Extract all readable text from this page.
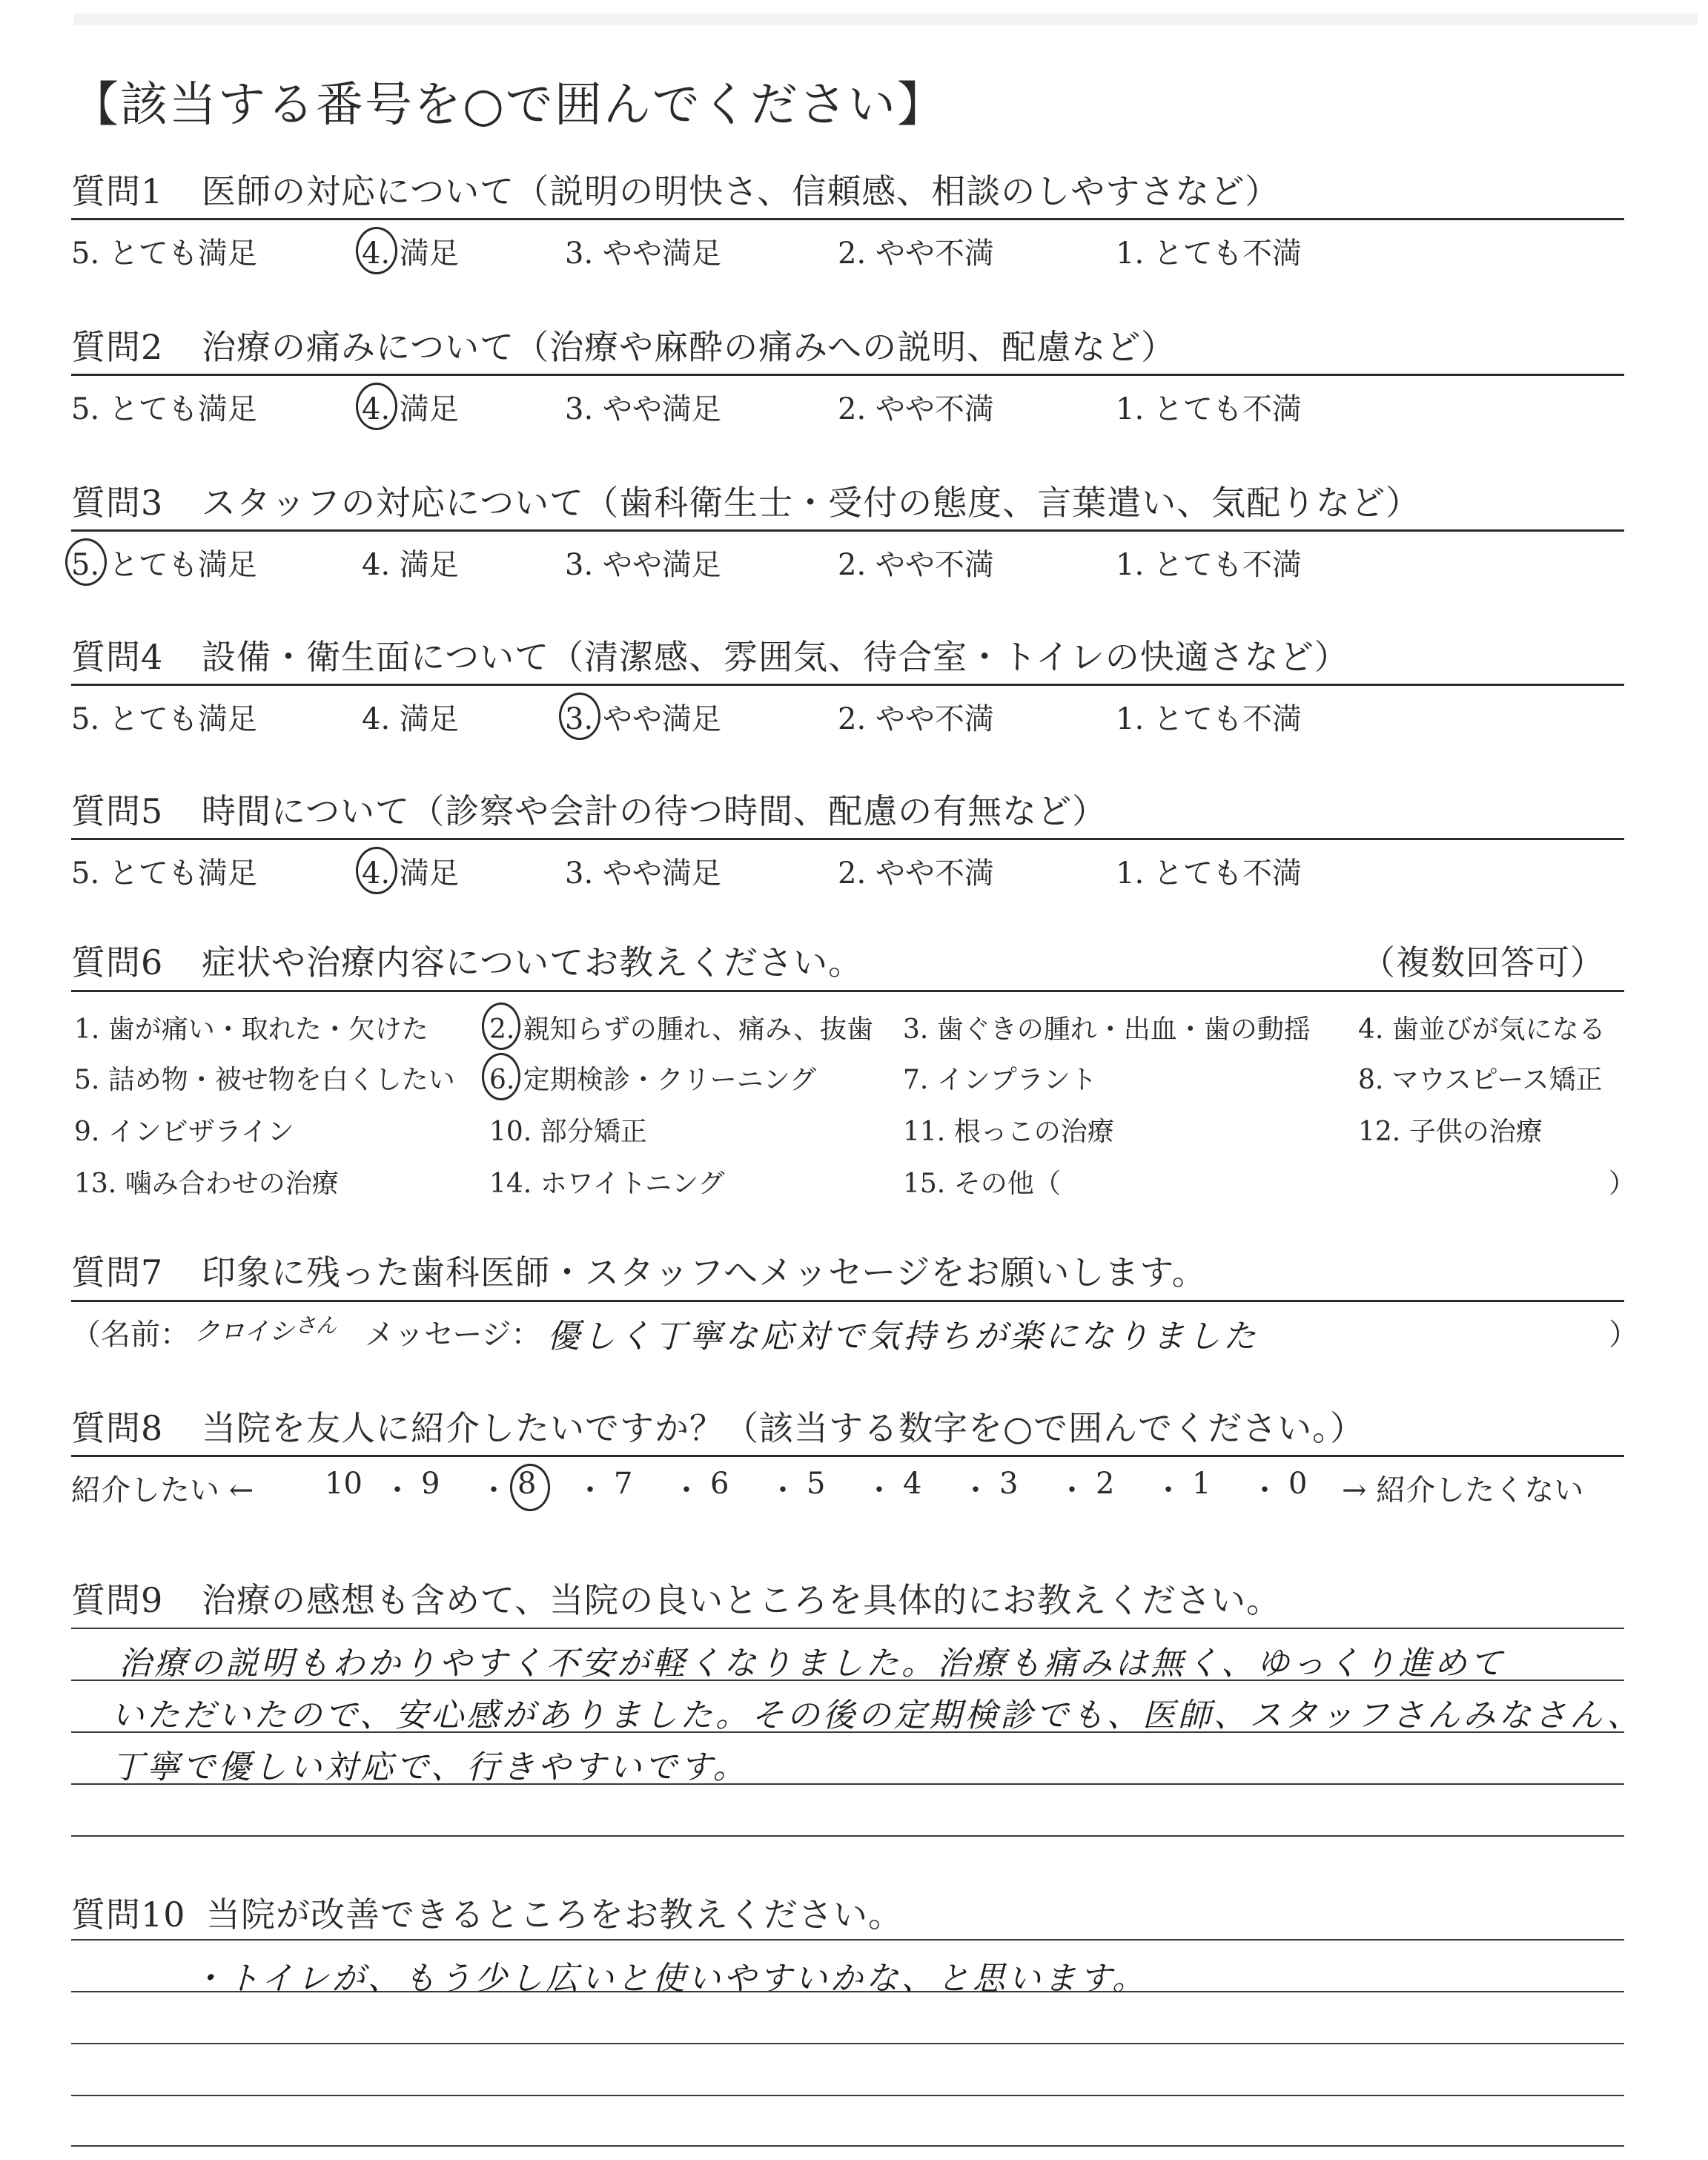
【該当する番号を○で囲んでください】
質問1 医師の対応について（説明の明快さ、信頼感、相談のしやすさなど）
5. とても満足	4. 満足	3. やや満足	2. やや不満	1. とても不満
質問2 治療の痛みについて（治療や麻酔の痛みへの説明、配慮など）
5. とても満足	4. 満足	3. やや満足	2. やや不満	1. とても不満
質問3 スタッフの対応について（歯科衛生士・受付の態度、言葉遣い、気配りなど）
5. とても満足	4. 満足	3. やや満足	2. やや不満	1. とても不満
質問4 設備・衛生面について（清潔感、雰囲気、待合室・トイレの快適さなど）
5. とても満足	4. 満足	3. やや満足	2. やや不満	1. とても不満
質問5 時間について（診察や会計の待つ時間、配慮の有無など）
5. とても満足	4. 満足	3. やや満足	2. やや不満	1. とても不満
質問6 症状や治療内容についてお教えください。	（複数回答可）
1. 歯が痛い・取れた・欠けた 2. 親知らずの腫れ、痛み、抜歯 3. 歯ぐきの腫れ・出血・歯の動揺 4. 歯並びが気になる
5. 詰め物・被せ物を白くしたい 6. 定期検診・クリーニング	7. インプラント	8. マウスピース矯正
9. インビザライン	10. 部分矯正	11. 根っこの治療	12. 子供の治療
13. 噛み合わせの治療	14. ホワイトニング	15. その他（	）
質問7 印象に残った歯科医師・スタッフへメッセージをお願いします。
（名前： クロイシ さん メッセージ： 優しく丁寧な応対で気持ちが楽になりました	）
質問8 当院を友人に紹介したいですか？（該当する数字を○で囲んでください。）
紹介したい ← 10 ・ 9 ・ 8 ・ 7 ・ 6 ・ 5 ・ 4 ・ 3 ・ 2 ・ 1 ・ 0 → 紹介したくない
質問9 治療の感想も含めて、当院の良いところを具体的にお教えください。
治療の説明もわかりやすく不安が軽くなりました。治療も痛みは無く、ゆっくり進めて
いただいたので、安心感がありました。その後の定期検診でも、医師、スタッフさんみなさん、
丁寧で優しい対応で、行きやすいです。
質問10 当院が改善できるところをお教えください。
・トイレが、もう少し広いと使いやすいかな、と思います。
